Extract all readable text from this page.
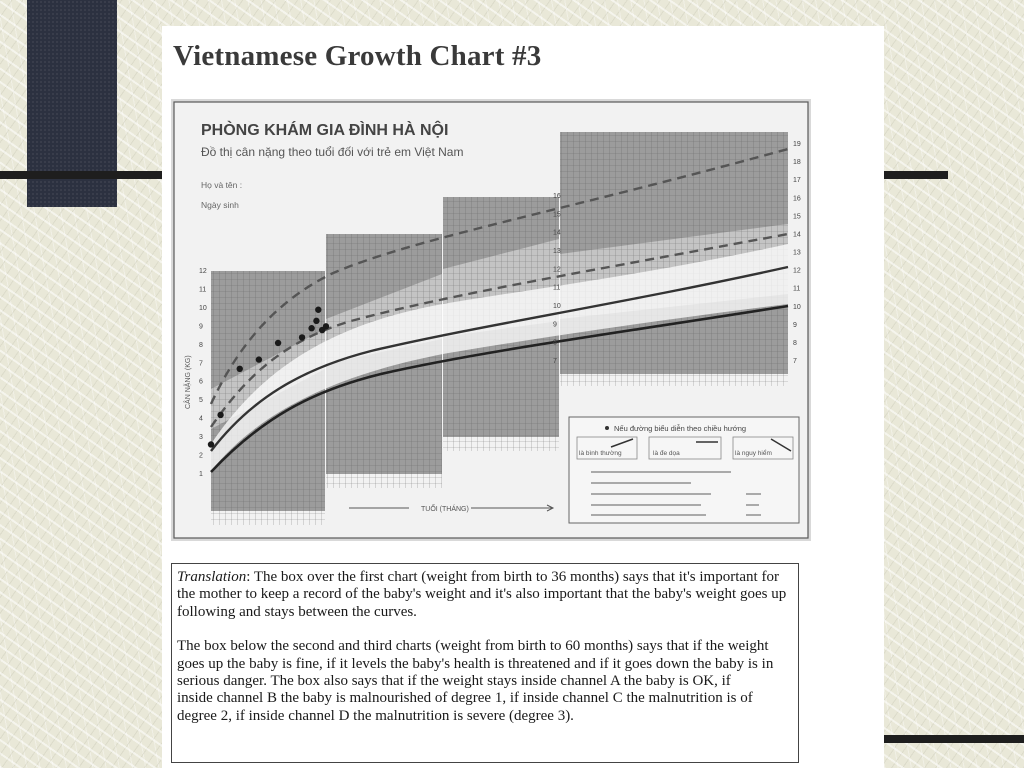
Vietnamese Growth Chart #3
PHÒNG KHÁM GIA ĐÌNH HÀ NỘI
Đồ thị cân nặng theo tuổi đối với trẻ em Việt Nam
Họ và tên :
Ngày sinh
CÂN NẶNG (KG)
TUỔI (THÁNG)
Nếu đường biểu diễn theo chiều hướng
là bình thường	là đe dọa	là nguy hiểm
1
2
3
4
5
6
7
8
9
10
11
12
7
8
9
10
11
12
13
14
15
16
17
18
19
7
8
9
10
11
12
13
14
15
16

Translation: The box over the first chart (weight from birth to 36 months) says that it's important for the mother to keep a record of the baby's weight and it's also important that the baby's weight goes up following and stays between the curves.

The box below the second and third charts (weight from birth to 60 months) says that if the weight goes up the baby is fine, if it levels the baby's health is threatened and if it goes down the baby is in serious danger. The box also says that if the weight stays inside channel A the baby is OK, if

inside channel B the baby is malnourished of degree 1, if inside channel C the malnutrition is of degree 2, if inside channel D the malnutrition is severe (degree 3).
